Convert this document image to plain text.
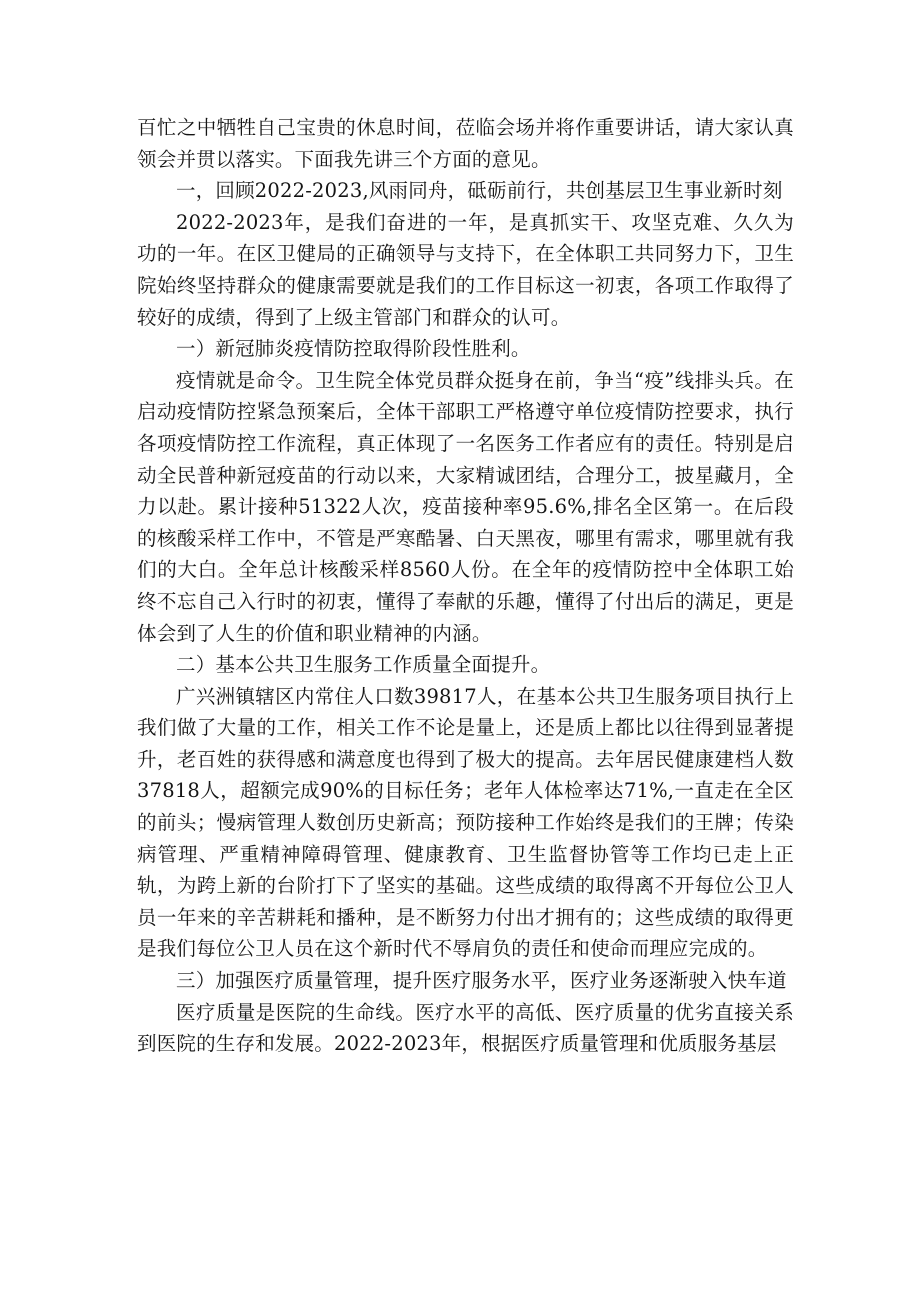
百忙之中牺牲自己宝贵的休息时间，莅临会场并将作重要讲话，请大家认真领会并贯以落实。下面我先讲三个方面的意见。

一，回顾2022-2023,风雨同舟，砥砺前行，共创基层卫生事业新时刻

2022-2023年，是我们奋进的一年，是真抓实干、攻坚克难、久久为功的一年。在区卫健局的正确领导与支持下，在全体职工共同努力下，卫生院始终坚持群众的健康需要就是我们的工作目标这一初衷，各项工作取得了较好的成绩，得到了上级主管部门和群众的认可。

一）新冠肺炎疫情防控取得阶段性胜利。

疫情就是命令。卫生院全体党员群众挺身在前，争当“疫”线排头兵。在启动疫情防控紧急预案后，全体干部职工严格遵守单位疫情防控要求，执行各项疫情防控工作流程，真正体现了一名医务工作者应有的责任。特别是启动全民普种新冠疫苗的行动以来，大家精诚团结，合理分工，披星藏月，全力以赴。累计接种51322人次，疫苗接种率95.6%,排名全区第一。在后段的核酸采样工作中，不管是严寒酷暑、白天黑夜，哪里有需求，哪里就有我们的大白。全年总计核酸采样8560人份。在全年的疫情防控中全体职工始终不忘自己入行时的初衷，懂得了奉献的乐趣，懂得了付出后的满足，更是体会到了人生的价值和职业精神的内涵。

二）基本公共卫生服务工作质量全面提升。

广兴洲镇辖区内常住人口数39817人，在基本公共卫生服务项目执行上我们做了大量的工作，相关工作不论是量上，还是质上都比以往得到显著提升，老百姓的获得感和满意度也得到了极大的提高。去年居民健康建档人数37818人，超额完成90%的目标任务；老年人体检率达71%,一直走在全区的前头；慢病管理人数创历史新高；预防接种工作始终是我们的王牌；传染病管理、严重精神障碍管理、健康教育、卫生监督协管等工作均已走上正轨，为跨上新的台阶打下了坚实的基础。这些成绩的取得离不开每位公卫人员一年来的辛苦耕耗和播种，是不断努力付出才拥有的；这些成绩的取得更是我们每位公卫人员在这个新时代不辱肩负的责任和使命而理应完成的。

三）加强医疗质量管理，提升医疗服务水平，医疗业务逐渐驶入快车道

医疗质量是医院的生命线。医疗水平的高低、医疗质量的优劣直接关系到医院的生存和发展。2022-2023年，根据医疗质量管理和优质服务基层
